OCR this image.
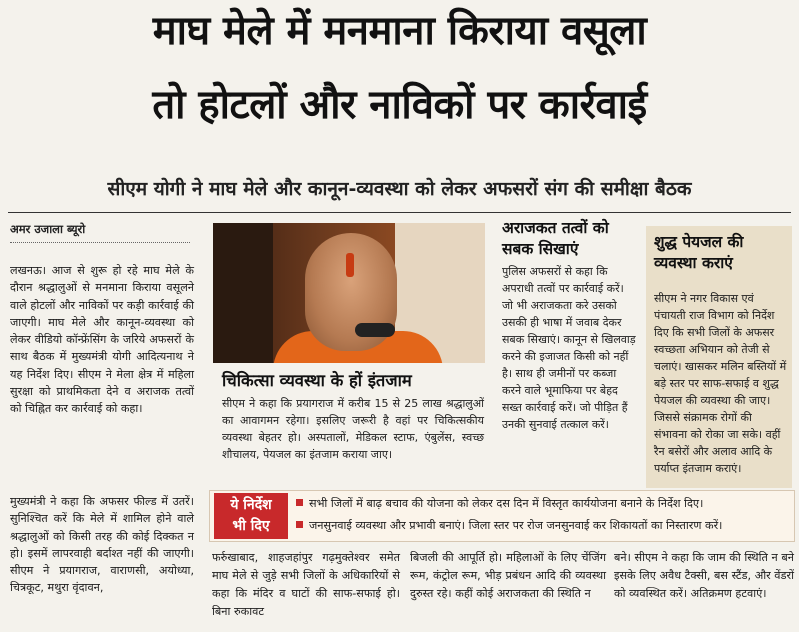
माघ मेले में मनमाना किराया वसूला
तो होटलों और नाविकों पर कार्रवाई
सीएम योगी ने माघ मेले और कानून-व्यवस्था को लेकर अफसरों संग की समीक्षा बैठक
अमर उजाला ब्यूरो

लखनऊ। आज से शुरू हो रहे माघ मेले के दौरान श्रद्धालुओं से मनमाना किराया वसूलने वाले होटलों और नाविकों पर कड़ी कार्रवाई की जाएगी। माघ मेले और कानून-व्यवस्था को लेकर वीडियो कॉन्फ्रेंसिंग के जरिये अफसरों के साथ बैठक में मुख्यमंत्री योगी आदित्यनाथ ने यह निर्देश दिए। सीएम ने मेला क्षेत्र में महिला सुरक्षा को प्राथमिकता देने व अराजक तत्वों को चिह्नित कर कार्रवाई को कहा।

मुख्यमंत्री ने कहा कि अफसर फील्ड में उतरें। सुनिश्चित करें कि मेले में शामिल होने वाले श्रद्धालुओं को किसी तरह की कोई दिक्कत न हो। इसमें लापरवाही बर्दाश्त नहीं की जाएगी। सीएम ने प्रयागराज, वाराणसी, अयोध्या, चित्रकूट, मथुरा वृंदावन,

चिकित्सा व्यवस्था के हों इंतजाम
सीएम ने कहा कि प्रयागराज में करीब 15 से 25 लाख श्रद्धालुओं का आवागमन रहेगा। इसलिए जरूरी है वहां पर चिकित्सकीय व्यवस्था बेहतर हो। अस्पतालों, मेडिकल स्टाफ, एंबुलेंस, स्वच्छ शौचालय, पेयजल का इंतजाम कराया जाए।
अराजकत तत्वों को सबक सिखाएं
पुलिस अफसरों से कहा कि अपराधी तत्वों पर कार्रवाई करें। जो भी अराजकता करे उसको उसकी ही भाषा में जवाब देकर सबक सिखाएं। कानून से खिलवाड़ करने की इजाजत किसी को नहीं है। साथ ही जमीनों पर कब्जा करने वाले भूमाफिया पर बेहद सख्त कार्रवाई करें। जो पीड़ित हैं उनकी सुनवाई तत्काल करें।
शुद्ध पेयजल की व्यवस्था कराएं
सीएम ने नगर विकास एवं पंचायती राज विभाग को निर्देश दिए कि सभी जिलों के अफसर स्वच्छता अभियान को तेजी से चलाएं। खासकर मलिन बस्तियों में बड़े स्तर पर साफ-सफाई व शुद्ध पेयजल की व्यवस्था की जाए। जिससे संक्रामक रोगों की संभावना को रोका जा सके। वहीं रैन बसेरों और अलाव आदि के पर्याप्त इंतजाम कराएं।
ये निर्देश
भी दिए
सभी जिलों में बाढ़ बचाव की योजना को लेकर दस दिन में विस्तृत कार्ययोजना बनाने के निर्देश दिए।
जनसुनवाई व्यवस्था और प्रभावी बनाएं। जिला स्तर पर रोज जनसुनवाई कर शिकायतों का निस्तारण करें।
फर्रुखाबाद, शाहजहांपुर गढ़मुक्तेश्वर समेत माघ मेले से जुड़े सभी जिलों के अधिकारियों से कहा कि मंदिर व घाटों की साफ-सफाई हो। बिना रुकावट
बिजली की आपूर्ति हो। महिलाओं के लिए चेंजिंग रूम, कंट्रोल रूम, भीड़ प्रबंधन आदि की व्यवस्था दुरुस्त रहे। कहीं कोई अराजकता की स्थिति न
बने। सीएम ने कहा कि जाम की स्थिति न बने इसके लिए अवैध टैक्सी, बस स्टैंड, और वेंडरों को व्यवस्थित करें। अतिक्रमण हटवाएं।
